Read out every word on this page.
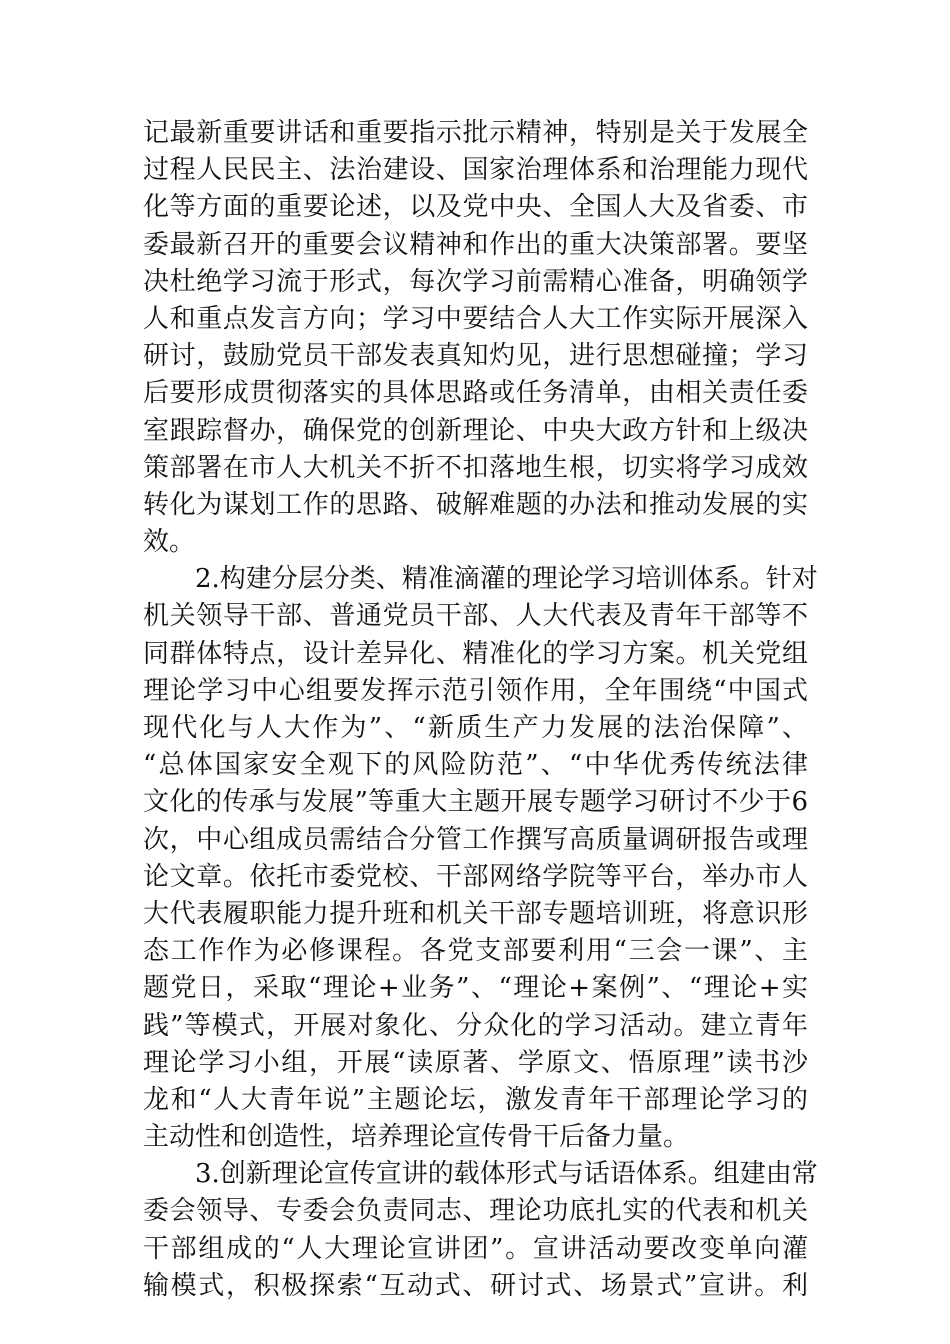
记最新重要讲话和重要指示批示精神，特别是关于发展全
过程人民民主、法治建设、国家治理体系和治理能力现代
化等方面的重要论述，以及党中央、全国人大及省委、市
委最新召开的重要会议精神和作出的重大决策部署。要坚
决杜绝学习流于形式，每次学习前需精心准备，明确领学
人和重点发言方向；学习中要结合人大工作实际开展深入
研讨，鼓励党员干部发表真知灼见，进行思想碰撞；学习
后要形成贯彻落实的具体思路或任务清单，由相关责任委
室跟踪督办，确保党的创新理论、中央大政方针和上级决
策部署在市人大机关不折不扣落地生根，切实将学习成效
转化为谋划工作的思路、破解难题的办法和推动发展的实
效。
2.构建分层分类、精准滴灌的理论学习培训体系。针对
机关领导干部、普通党员干部、人大代表及青年干部等不
同群体特点，设计差异化、精准化的学习方案。机关党组
理论学习中心组要发挥示范引领作用，全年围绕“中国式
现代化与人大作为”、“新质生产力发展的法治保障”、
“总体国家安全观下的风险防范”、“中华优秀传统法律
文化的传承与发展”等重大主题开展专题学习研讨不少于6
次，中心组成员需结合分管工作撰写高质量调研报告或理
论文章。依托市委党校、干部网络学院等平台，举办市人
大代表履职能力提升班和机关干部专题培训班，将意识形
态工作作为必修课程。各党支部要利用“三会一课”、主
题党日，采取“理论+业务”、“理论+案例”、“理论+实
践”等模式，开展对象化、分众化的学习活动。建立青年
理论学习小组，开展“读原著、学原文、悟原理”读书沙
龙和“人大青年说”主题论坛，激发青年干部理论学习的
主动性和创造性，培养理论宣传骨干后备力量。
3.创新理论宣传宣讲的载体形式与话语体系。组建由常
委会领导、专委会负责同志、理论功底扎实的代表和机关
干部组成的“人大理论宣讲团”。宣讲活动要改变单向灌
输模式，积极探索“互动式、研讨式、场景式”宣讲。利
